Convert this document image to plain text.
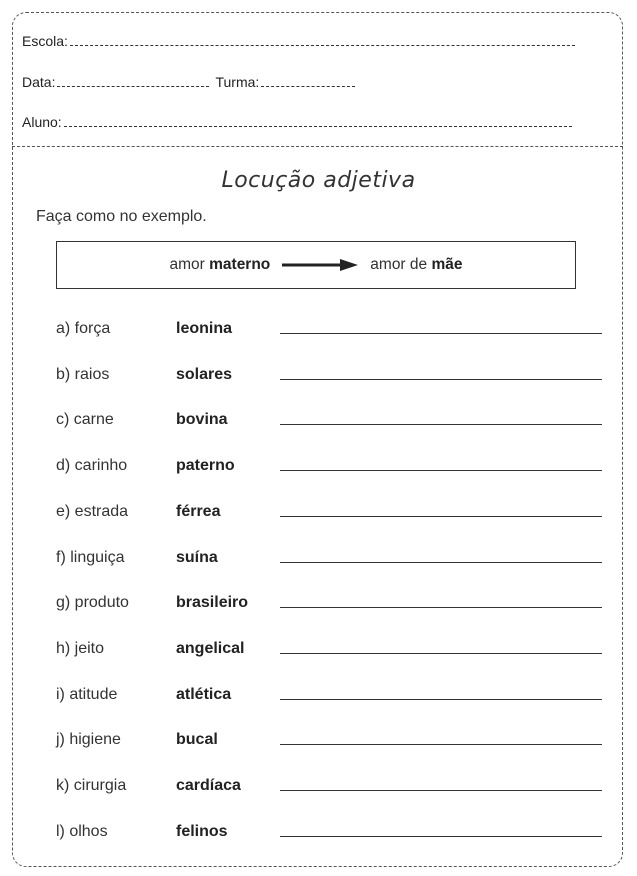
Escola:
Data:	Turma:
Aluno:
Locução adjetiva
Faça como no exemplo.
amor materno	amor de mãe
a) força	leonina
b) raios	solares
c) carne	bovina
d) carinho	paterno
e) estrada	férrea
f) linguiça	suína
g) produto	brasileiro
h) jeito	angelical
i) atitude	atlética
j) higiene	bucal
k) cirurgia	cardíaca
l) olhos	felinos
